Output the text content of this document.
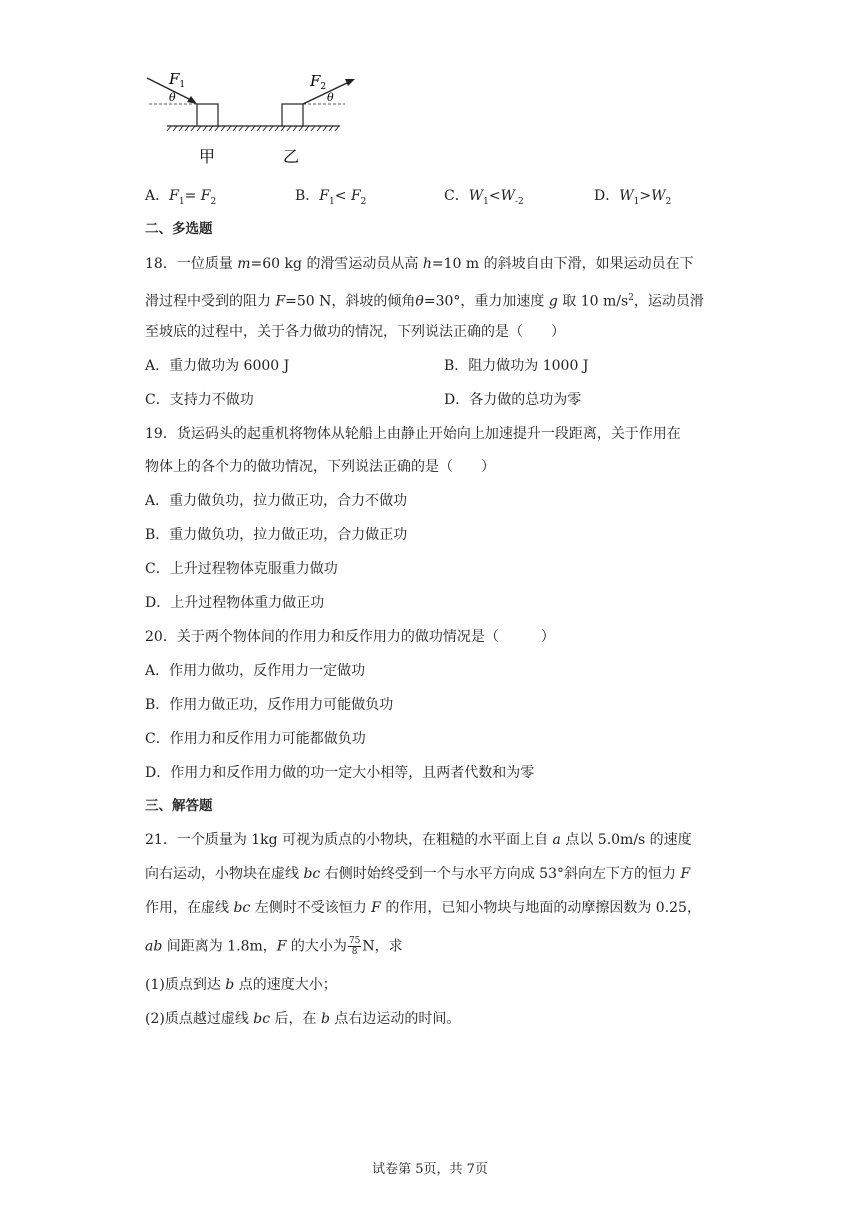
$F_1$
θ
$F_2$
θ
甲	乙
A．$F_1= F_2$	B．$F_1< F_2$	C．$W_1<W_{-2}$	D．$W_1>W_2$
二、多选题
18．一位质量 m=60 kg 的滑雪运动员从高 h=10 m 的斜坡自由下滑，如果运动员在下
滑过程中受到的阻力 F=50 N，斜坡的倾角θ=30°，重力加速度 g 取 10 $m/s^2$，运动员滑
至坡底的过程中，关于各力做功的情况，下列说法正确的是（　　）
A．重力做功为 6000 J	B．阻力做功为 1000 J
C．支持力不做功	D．各力做的总功为零
19．货运码头的起重机将物体从轮船上由静止开始向上加速提升一段距离，关于作用在
物体上的各个力的做功情况，下列说法正确的是（　　）
A．重力做负功，拉力做正功，合力不做功
B．重力做负功，拉力做正功，合力做正功
C．上升过程物体克服重力做功
D．上升过程物体重力做正功
20．关于两个物体间的作用力和反作用力的做功情况是（　　　）
A．作用力做功，反作用力一定做功
B．作用力做正功，反作用力可能做负功
C．作用力和反作用力可能都做负功
D．作用力和反作用力做的功一定大小相等，且两者代数和为零
三、解答题
21．一个质量为 1kg 可视为质点的小物块，在粗糙的水平面上自 a 点以 5.0m/s 的速度
向右运动，小物块在虚线 bc 右侧时始终受到一个与水平方向成 53°斜向左下方的恒力 F
作用，在虚线 bc 左侧时不受该恒力 F 的作用，已知小物块与地面的动摩擦因数为 0.25，
ab 间距离为 1.8m，F 的大小为 $\frac{75}{8}$ N，求
(1)质点到达 b 点的速度大小；
(2)质点越过虚线 bc 后，在 b 点右边运动的时间。
试卷第 5页，共 7页
